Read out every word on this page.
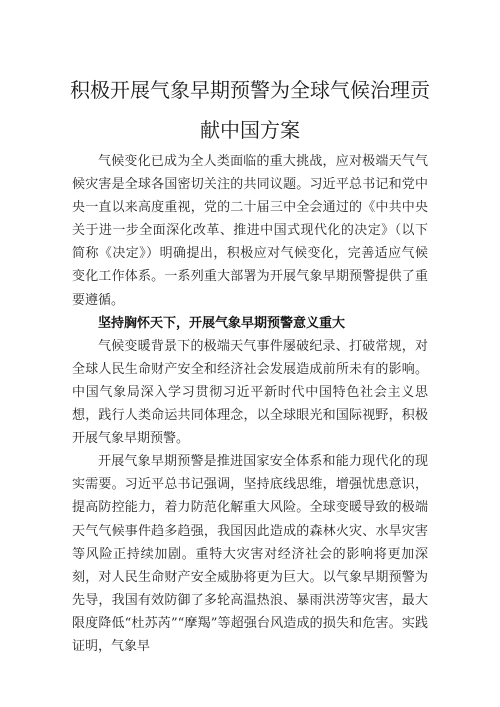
积极开展气象早期预警为全球气候治理贡献中国方案

气候变化已成为全人类面临的重大挑战，应对极端天气气候灾害是全球各国密切关注的共同议题。习近平总书记和党中央一直以来高度重视，党的二十届三中全会通过的《中共中央关于进一步全面深化改革、推进中国式现代化的决定》（以下简称《决定》）明确提出，积极应对气候变化，完善适应气候变化工作体系。一系列重大部署为开展气象早期预警提供了重要遵循。

坚持胸怀天下，开展气象早期预警意义重大

气候变暖背景下的极端天气事件屡破纪录、打破常规，对全球人民生命财产安全和经济社会发展造成前所未有的影响。中国气象局深入学习贯彻习近平新时代中国特色社会主义思想，践行人类命运共同体理念，以全球眼光和国际视野，积极开展气象早期预警。

开展气象早期预警是推进国家安全体系和能力现代化的现实需要。习近平总书记强调，坚持底线思维，增强忧患意识，提高防控能力，着力防范化解重大风险。全球变暖导致的极端天气气候事件趋多趋强，我国因此造成的森林火灾、水旱灾害等风险正持续加剧。重特大灾害对经济社会的影响将更加深刻，对人民生命财产安全威胁将更为巨大。以气象早期预警为先导，我国有效防御了多轮高温热浪、暴雨洪涝等灾害，最大限度降低“杜苏芮”“摩羯”等超强台风造成的损失和危害。实践证明，气象早
